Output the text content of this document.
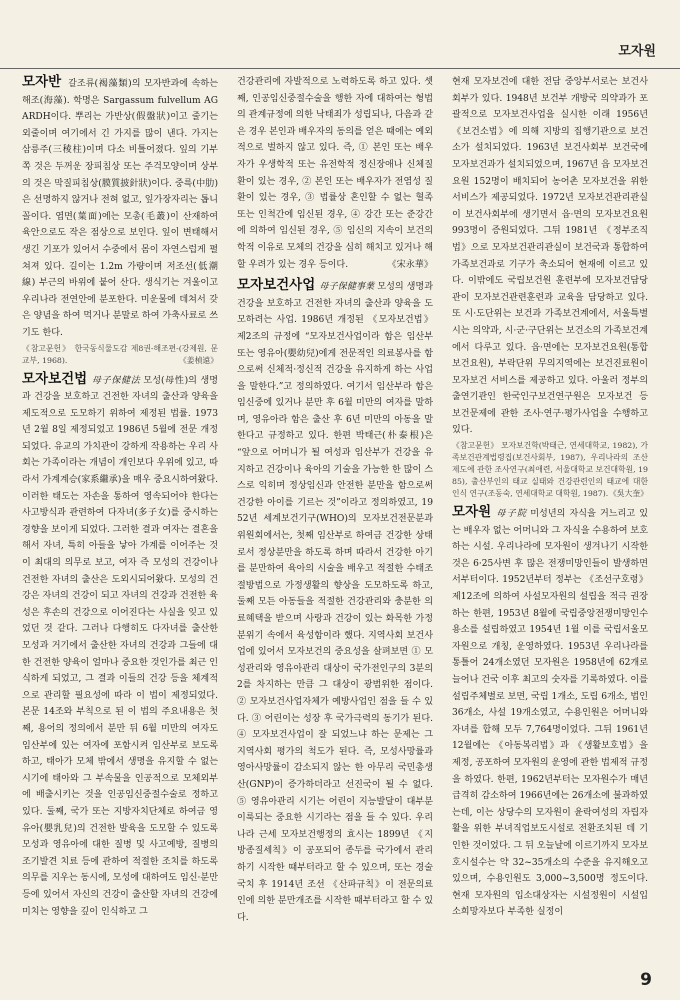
모자원
모자반 갈조류(褐藻類)의 모자반과에 속하는 해조(海藻). 학명은 Sargassum fulvellum AGARDH이다. 뿌리는 가반상(假盤狀)이고 줄기는 외줄이며 여기에서 긴 가지를 많이 낸다. 가지는 삼릉주(三稜柱)이며 다소 비틀어졌다. 잎의 기부쪽 것은 두꺼운 장피침상 또는 주걱모양이며 상부의 것은 막질피침상(膜質披針狀)이다. 중륵(中肋)은 선명하지 않거나 전혀 없고, 잎가장자리는 톱니꼴이다. 엽면(葉面)에는 모총(毛叢)이 산재하여 육안으로도 작은 점상으로 보인다. 잎이 변태해서 생긴 기포가 있어서 수중에서 몸이 자연스럽게 펼쳐져 있다. 길이는 1.2m 가량이며 저조선(低潮線) 부근의 바위에 붙어 산다. 생식기는 겨울이고 우리나라 전연안에 분포한다. 미운물에 데쳐서 갖은 양념을 하여 먹거나 분말로 하여 가축사료로 쓰기도 한다.
《참고문헌》 한국동식물도감 제8권-해조편-(강제원, 문교부, 1968).	《姜楨遠》
모자보건법 母子保健法 모성(母性)의 생명과 건강을 보호하고 건전한 자녀의 출산과 양육을 제도적으로 도모하기 위하여 제정된 법률. 1973년 2월 8일 제정되었고 1986년 5월에 전문 개정되었다. 유교의 가치관이 강하게 작용하는 우리 사회는 가족이라는 개념이 개인보다 우위에 있고, 따라서 가계계승(家系繼承)을 매우 중요시하여왔다. 이러한 태도는 자손을 통하여 영속되어야 한다는 사고방식과 관련하여 다자녀(多子女)를 중시하는 경향을 보이게 되었다. 그러한 결과 여자는 결혼을 해서 자녀, 특히 아들을 낳아 가계를 이어주는 것이 최대의 의무로 보고, 여자 즉 모성의 건강이나 건전한 자녀의 출산은 도외시되어왔다. 모성의 건강은 자녀의 건강이 되고 자녀의 건강과 건전한 육성은 후손의 건강으로 이어진다는 사실을 잊고 있었던 것 같다. 그러나 다행히도 다자녀를 출산한 모성과 거기에서 출산한 자녀의 건강과 그들에 대한 건전한 양육이 얼마나 중요한 것인가를 최근 인식하게 되었고, 그 결과 이들의 건강 등을 체계적으로 관리할 필요성에 따라 이 법이 제정되었다. 본문 14조와 부칙으로 된 이 법의 주요내용은 첫째, 용어의 정의에서 분만 뒤 6월 미만의 여자도 임산부에 있는 여자에 포함시켜 임산부로 보도록 하고, 태아가 모체 밖에서 생명을 유지할 수 없는 시기에 태아와 그 부속물을 인공적으로 모체외부에 배출시키는 것을 인공임신중절수술로 정하고 있다. 둘째, 국가 또는 지방자치단체로 하여금 영유아(嬰乳兒)의 건전한 발육을 도모할 수 있도록 모성과 영유아에 대한 질병 및 사고예방, 질병의 조기발견 치료 등에 관하여 적절한 조치를 하도록 의무를 지우는 동시에, 모성에 대하여도 임신·분만 등에 있어서 자신의 건강이 출산할 자녀의 건강에 미치는 영향을 깊이 인식하고 그
건강관리에 자발적으로 노력하도록 하고 있다. 셋째, 인공임신중절수술을 행한 자에 대하여는 형법의 관계규정에 의한 낙태죄가 성립되나, 다음과 같은 경우 본인과 배우자의 동의를 얻은 때에는 예외적으로 벌하지 않고 있다. 즉, ① 본인 또는 배우자가 우생학적 또는 유전학적 정신장애나 신체질환이 있는 경우, ② 본인 또는 배우자가 전염성 질환이 있는 경우, ③ 법률상 혼인할 수 없는 혈족 또는 인척간에 임신된 경우, ④ 강간 또는 준강간에 의하여 임신된 경우, ⑤ 임신의 지속이 보건의학적 이유로 모체의 건강을 심히 해치고 있거나 해할 우려가 있는 경우 등이다.	《宋永華》
모자보건사업 母子保健事業 모성의 생명과 건강을 보호하고 건전한 자녀의 출산과 양육을 도모하려는 사업. 1986년 개정된 《모자보건법》 제2조의 규정에 “모자보건사업이라 함은 임산부 또는 영유아(嬰幼兒)에게 전문적인 의료봉사를 함으로써 신체적·정신적 건강을 유지하게 하는 사업을 말한다.”고 정의하였다. 여기서 임산부라 함은 임신중에 있거나 분만 후 6월 미만의 여자를 말하며, 영유아라 함은 출산 후 6년 미만의 아동을 말한다고 규정하고 있다. 한편 박태근(朴泰根)은 “앞으로 어머니가 될 여성과 임산부가 건강을 유지하고 건강이나 육아의 기술을 가능한 한 많이 스스로 익히며 정상임신과 안전한 분만을 함으로써 건강한 아이를 기르는 것”이라고 정의하였고, 1952년 세계보건기구(WHO)의 모자보건전문분과위원회에서는, 첫째 임산부로 하여금 건강한 상태로서 정상분만을 하도록 하며 따라서 건강한 아기를 분만하여 육아의 시술을 배우고 적절한 수태조절방법으로 가정생활의 향상을 도모하도록 하고, 둘째 모든 아동들을 적절한 건강관리와 충분한 의료혜택을 받으며 사랑과 건강이 있는 화목한 가정분위기 속에서 육성함이라 했다. 지역사회 보건사업에 있어서 모자보건의 중요성을 살펴보면 ① 모성관리와 영유아관리 대상이 국가전인구의 3분의 2를 차지하는 만큼 그 대상이 광범위한 점이다. ② 모자보건사업자체가 예방사업인 점을 들 수 있다. ③ 어린이는 성장 후 국가극력의 동기가 된다. ④ 모자보건사업이 잘 되었느냐 하는 문제는 그 지역사회 평가의 척도가 된다. 즉, 모성사망률과 영아사망률이 감소되지 않는 한 아무리 국민총생산(GNP)이 증가하더라고 선진국이 될 수 없다. ⑤ 영유아관리 시기는 어린이 지능발달이 대부분 이룩되는 중요한 시기라는 점을 들 수 있다. 우리나라 근세 모자보건행정의 효시는 1899년 《지방종질세칙》이 공포되어 종두를 국가에서 관리하기 시작한 때부터라고 할 수 있으며, 또는 경술국치 후 1914년 조선 《산파규칙》이 전문의료인에 의한 분만개조를 시작한 때부터라고 할 수 있다.
현재 모자보건에 대한 전담 중앙부서로는 보건사회부가 있다. 1948년 보건부 개방국 의약과가 포괄적으로 모자보건사업을 실시한 이래 1956년 《보건소법》에 의해 지방의 집행기관으로 보건소가 설치되었다. 1963년 보건사회부 보건국에 모자보건과가 설치되었으며, 1967년 읍 모자보건요원 152명이 배치되어 농어촌 모자보건을 위한 서비스가 제공되었다. 1972년 모자보건관리관실이 보건사회부에 생기면서 읍·면의 모자보건요원 993명이 증원되었다. 그뒤 1981년 《정부조직법》으로 모자보건관리관실이 보건국과 통합하여 가족보건과로 기구가 축소되어 현재에 이르고 있다. 이밖에도 국립보건원 훈련부에 모자보건담당관이 모자보건관련훈련과 교육을 담당하고 있다. 또 시·도단위는 보건과 가족보건계에서, 서울특별시는 의약과, 시·군·구단위는 보건소의 가족보건계에서 다루고 있다. 읍·면에는 모자보건요원(통합보건요원), 부락단위 무의지역에는 보건진료원이 모자보건 서비스를 제공하고 있다. 아울러 정부의 출연기관인 한국인구보건연구원은 모자보건 등 보건문제에 관한 조사·연구·평가사업을 수행하고 있다.
《참고문헌》 모자보건학(박태근, 연세대학교, 1982), 가족보건관계법령집(보건사회부, 1987), 우리나라의 조산제도에 관한 조사연구(최애련, 서울대학교 보건대학원, 1985), 출산부인의 태교 실태와 건강관련인의 태교에 대한 인식 연구(조동숙, 연세대학교 대학원, 1987). 《吳大奎》
모자원 母子院 미성년의 자식을 거느리고 있는 배우자 없는 어머니와 그 자식을 수용하여 보호하는 시설. 우리나라에 모자원이 생겨나기 시작한 것은 6·25사변 후 많은 전쟁미망인들이 발생하면서부터이다. 1952년부터 정부는 《조선구호령》 제12조에 의하여 사설모자원의 설립을 적극 권장하는 한편, 1953년 8월에 국립중앙전쟁미망인수용소를 설립하였고 1954년 1월 이를 국립서울모자원으로 개칭, 운영하였다. 1953년 우리나라를 통틀어 24개소였던 모자원은 1958년에 62개로 늘어나 건국 이후 최고의 숫자를 기록하였다. 이를 설립주체별로 보면, 국립 1개소, 도립 6개소, 법인 36개소, 사설 19개소였고, 수용인원은 어머니와 자녀를 합해 모두 7,764명이었다. 그뒤 1961년 12월에는 《아동복리법》과 《생활보호법》을 제정, 공포하여 모자원의 운영에 관한 법제적 규정을 하였다. 한편, 1962년부터는 모자원수가 매년 급격히 감소하여 1966년에는 26개소에 불과하였는데, 이는 상당수의 모자원이 윤락여성의 자립자활을 위한 부녀직업보도시설로 전환조치된 데 기인한 것이었다. 그 뒤 오늘날에 이르기까지 모자보호시설수는 약 32~35개소의 수준을 유지해오고 있으며, 수용인원도 3,000~3,500명 정도이다. 현재 모자원의 입소대상자는 시설정원이 시설입소희망자보다 부족한 실정이
9
